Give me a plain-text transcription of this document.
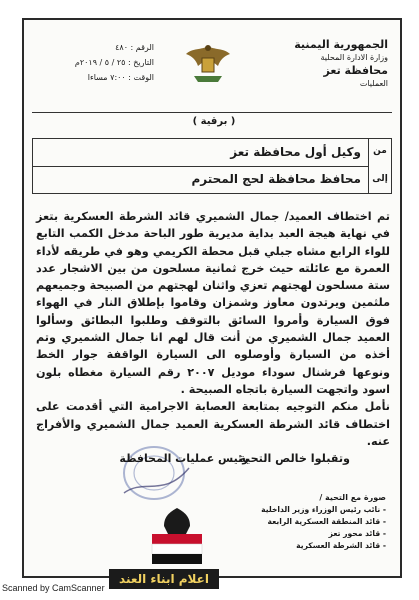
الجمهورية اليمنية
وزارة الادارة المحلية
محافظة تعز
العمليات
الرقم : ٤٨٠
التاريخ : ٢٥ / ٥ / ٢٠١٩م
الوقت : ٧:٠٠ مساءا
( برقية )
من
وكيل أول محافظة تعز
إلى
محافظ محافظة لحج المحترم

تم اختطاف العميد/ جمال الشميري قائد الشرطة العسكرية بتعز في نهاية هيجة العبد بداية مديرية طور الباحة مدخل الكمب التابع للواء الرابع مشاه جبلي قبل محطة الكريمي وهو في طريقه لأداء العمرة مع عائلته حيث خرج ثمانية مسلحون من بين الاشجار عدد ستة مسلحون لهجتهم تعزي واثنان لهجتهم من الصبيحة وجميعهم ملثمين ويرتدون معاوز وشمزان وقاموا بإطلاق النار في الهواء فوق السيارة وأمروا السائق بالتوقف وطلبوا البطائق وسألوا العميد جمال الشميري من أنت قال لهم انا جمال الشميري وتم أخذه من السيارة وأوصلوه الى السيارة الواقفة جوار الخط ونوعها فرشنال سوداء موديل ٢٠٠٧ رقم السيارة مغطاه بلون اسود واتجهت السيارة باتجاه الصبيحة .

نأمل منكم التوجيه بمتابعة العصابة الاجرامية التي أقدمت على اختطاف قائد الشرطة العسكرية العميد جمال الشميري والأفراج عنه.

وتقبلوا خالص التحية

رئيس عمليات المحافظة
صورة مع التحية /
- نائب رئيس الوزراء وزير الداخلية
- قائد المنطقة العسكرية الرابعة
- قائد محور تعز
- قائد الشرطة العسكرية
اعلام ابناء العند
Scanned by CamScanner
